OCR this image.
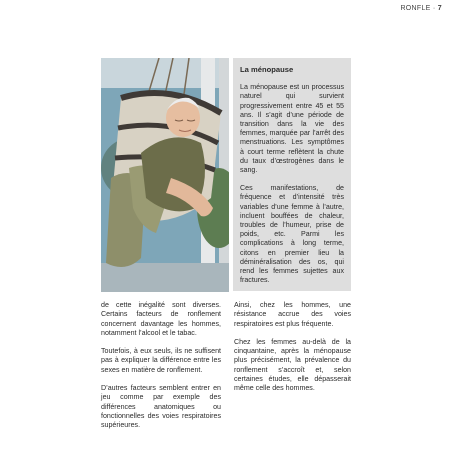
RONFLE · 7
La ménopause

La ménopause est un processus naturel qui survient progressivement entre 45 et 55 ans. Il s’agit d’une période de transition dans la vie des femmes, marquée par l’arrêt des menstruations. Les symptômes à court terme reflètent la chute du taux d’œstrogènes dans le sang.

Ces manifestations, de fréquence et d’intensité très variables d’une femme à l’autre, incluent bouffées de chaleur, troubles de l’humeur, prise de poids, etc. Parmi les complications à long terme, citons en premier lieu la déminéralisation des os, qui rend les femmes sujettes aux fractures.

de cette inégalité sont diverses. Certains facteurs de ronflement concernent davantage les hommes, notamment l’alcool et le tabac.

Toutefois, à eux seuls, ils ne suffisent pas à expliquer la différence entre les sexes en matière de ronflement.

D’autres facteurs semblent entrer en jeu comme par exemple des différences anatomiques ou fonctionnelles des voies respiratoires supérieures.

Ainsi, chez les hommes, une résistance accrue des voies respiratoires est plus fréquente.

Chez les femmes au-delà de la cinquantaine, après la ménopause plus précisément, la prévalence du ronflement s’accroît et, selon certaines études, elle dépasserait même celle des hommes.
